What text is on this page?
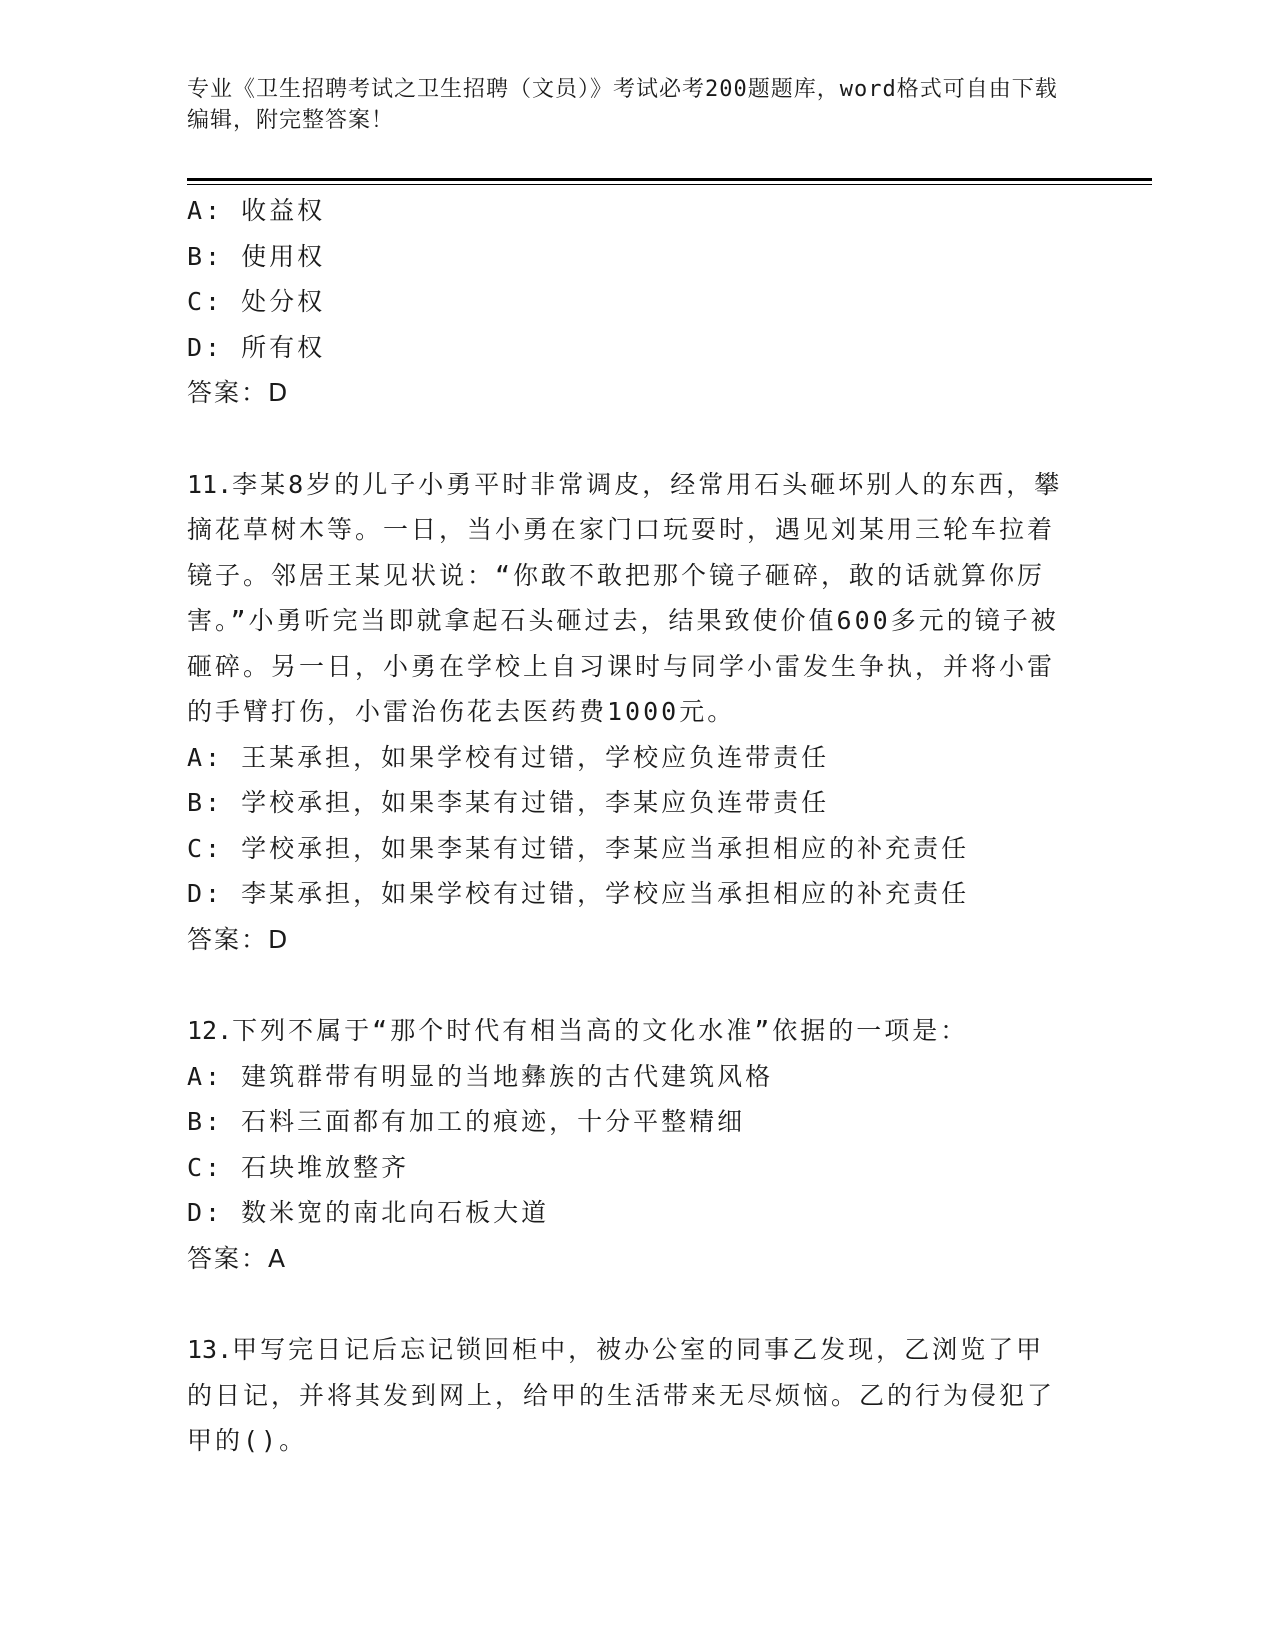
专业《卫生招聘考试之卫生招聘（文员）》考试必考200题题库，word格式可自由下载编辑，附完整答案！
A: 收益权
B: 使用权
C: 处分权
D: 所有权
答案：D
11.李某8岁的儿子小勇平时非常调皮，经常用石头砸坏别人的东西，攀摘花草树木等。一日，当小勇在家门口玩耍时，遇见刘某用三轮车拉着镜子。邻居王某见状说：“你敢不敢把那个镜子砸碎，敢的话就算你厉害。”小勇听完当即就拿起石头砸过去，结果致使价值600多元的镜子被砸碎。另一日，小勇在学校上自习课时与同学小雷发生争执，并将小雷的手臂打伤，小雷治伤花去医药费1000元。
A: 王某承担，如果学校有过错，学校应负连带责任
B: 学校承担，如果李某有过错，李某应负连带责任
C: 学校承担，如果李某有过错，李某应当承担相应的补充责任
D: 李某承担，如果学校有过错，学校应当承担相应的补充责任
答案：D
12.下列不属于“那个时代有相当高的文化水准”依据的一项是：
A: 建筑群带有明显的当地彝族的古代建筑风格
B: 石料三面都有加工的痕迹，十分平整精细
C: 石块堆放整齐
D: 数米宽的南北向石板大道
答案：A
13.甲写完日记后忘记锁回柜中，被办公室的同事乙发现，乙浏览了甲的日记，并将其发到网上，给甲的生活带来无尽烦恼。乙的行为侵犯了甲的()。
